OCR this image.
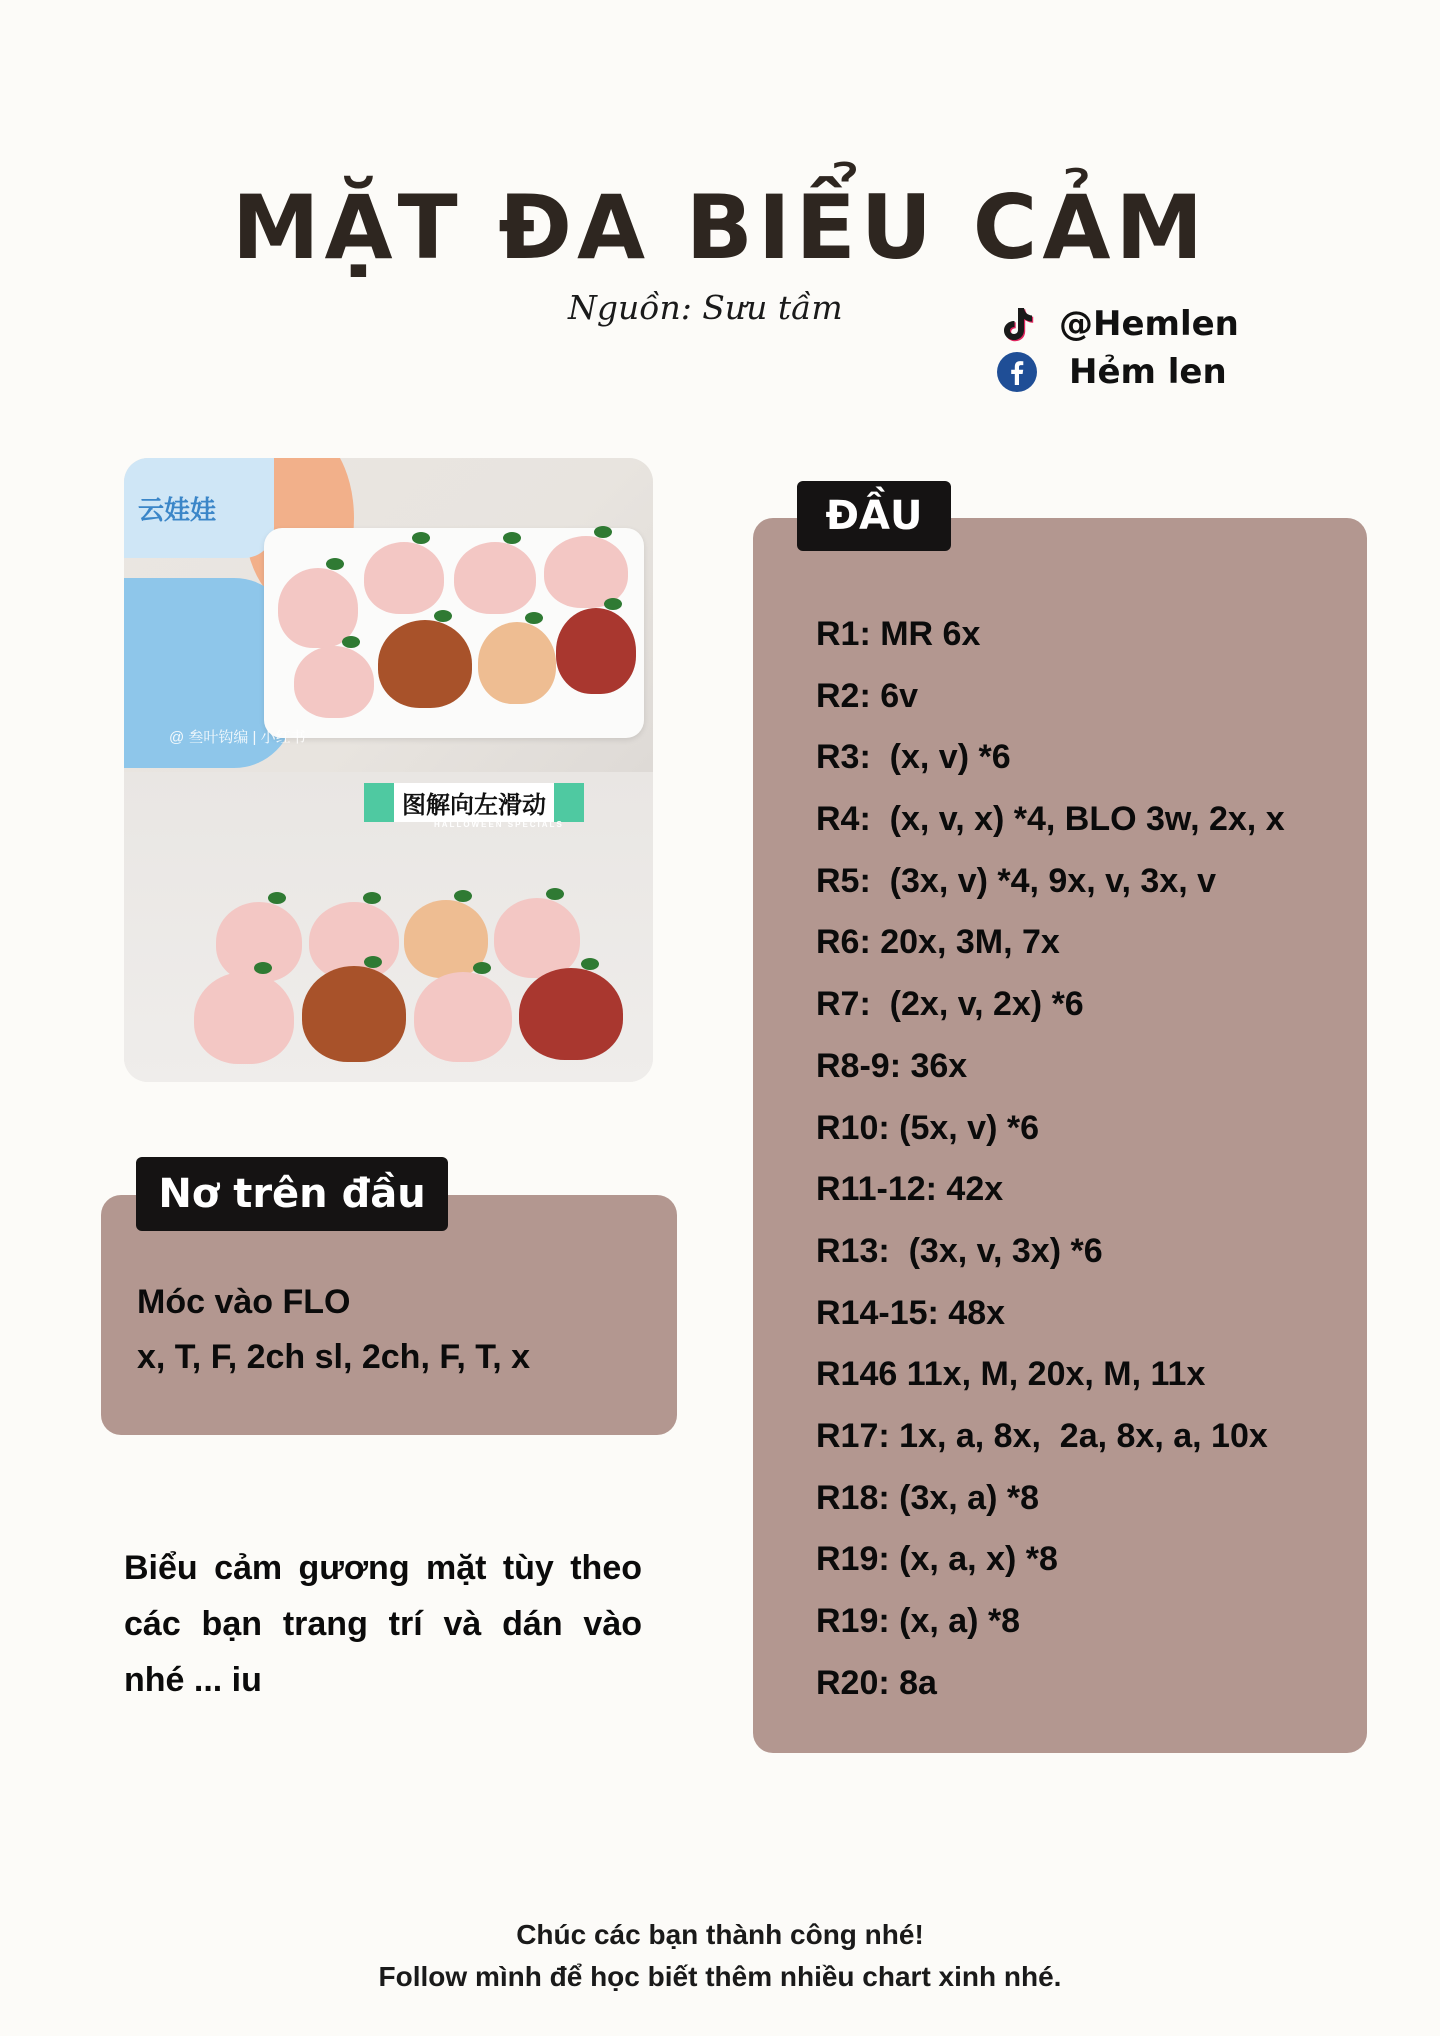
MẶT ĐA BIỂU CẢM
Nguồn: Sưu tầm	@Hemlen
Hẻm len
云娃娃
@ 叁叶钩编 | 小红书
图解向左滑动
HALLOWEEN SPECIALS
ĐẦU
R1: MR 6x
R2: 6v
R3:  (x, v) *6
R4:  (x, v, x) *4, BLO 3w, 2x, x
R5:  (3x, v) *4, 9x, v, 3x, v
R6: 20x, 3M, 7x
R7:  (2x, v, 2x) *6
R8-9: 36x
R10: (5x, v) *6
R11-12: 42x
R13:  (3x, v, 3x) *6
R14-15: 48x
R146 11x, M, 20x, M, 11x
R17: 1x, a, 8x,  2a, 8x, a, 10x
R18: (3x, a) *8
R19: (x, a, x) *8
R19: (x, a) *8
R20: 8a
Nơ trên đầu
Móc vào FLO
x, T, F, 2ch sl, 2ch, F, T, x

Biểu cảm gương mặt tùy theo các bạn trang trí và dán vào nhé ... iu

Chúc các bạn thành công nhé!
Follow mình để học biết thêm nhiều chart xinh nhé.
